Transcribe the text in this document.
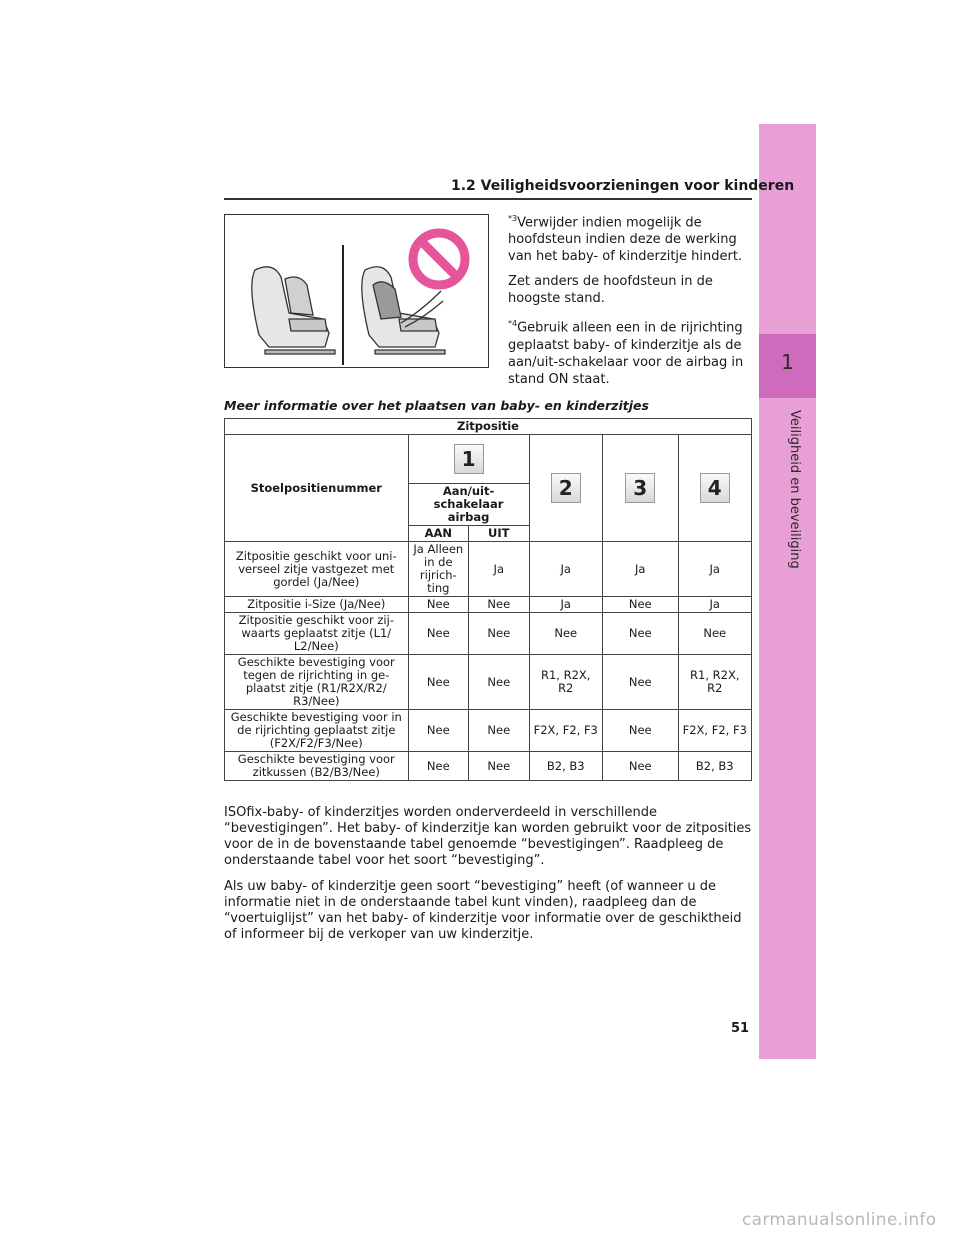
1
Veiligheid en beveiliging
1.2 Veiligheidsvoorzieningen voor kinderen

$^{*3}$Verwijder indien mogelijk de hoofdsteun indien deze de werking van het baby- of kinderzitje hindert.

Zet anders de hoofdsteun in de hoogste stand.

$^{*4}$Gebruik alleen een in de rijrichting geplaatst baby- of kinderzitje als de aan/uit-schakelaar voor de airbag in stand ON staat.

Meer informatie over het plaatsen van baby- en kinderzitjes
Zitpositie					
Stoelpositienummer	1		2	3	4
	Aan/uit-schakelaar airbag				
	AAN	UIT			
Zitpositie geschikt voor uni-verseel zitje vastgezet met gordel (Ja/Nee)	Ja Alleen in de rijrich-ting	Ja	Ja	Ja	Ja
Zitpositie i-Size (Ja/Nee)	Nee	Nee	Ja	Nee	Ja
Zitpositie geschikt voor zij-waarts geplaatst zitje (L1/ L2/Nee)	Nee	Nee	Nee	Nee	Nee
Geschikte bevestiging voor tegen de rijrichting in ge-plaatst zitje (R1/R2X/R2/ R3/Nee)	Nee	Nee	R1, R2X, R2	Nee	R1, R2X, R2
Geschikte bevestiging voor in de rijrichting geplaatst zitje (F2X/F2/F3/Nee)	Nee	Nee	F2X, F2, F3	Nee	F2X, F2, F3
Geschikte bevestiging voor zitkussen (B2/B3/Nee)	Nee	Nee	B2, B3	Nee	B2, B3

ISOfix-baby- of kinderzitjes worden onderverdeeld in verschillende “bevestigingen”. Het baby- of kinderzitje kan worden gebruikt voor de zitposities voor de in de bovenstaande tabel genoemde “bevestigingen”. Raadpleeg de onderstaande tabel voor het soort “bevestiging”.

Als uw baby- of kinderzitje geen soort “bevestiging” heeft (of wanneer u de informatie niet in de onderstaande tabel kunt vinden), raadpleeg dan de “voertuiglijst” van het baby- of kinderzitje voor informatie over de geschiktheid of informeer bij de verkoper van uw kinderzitje.

51
carmanualsonline.info
